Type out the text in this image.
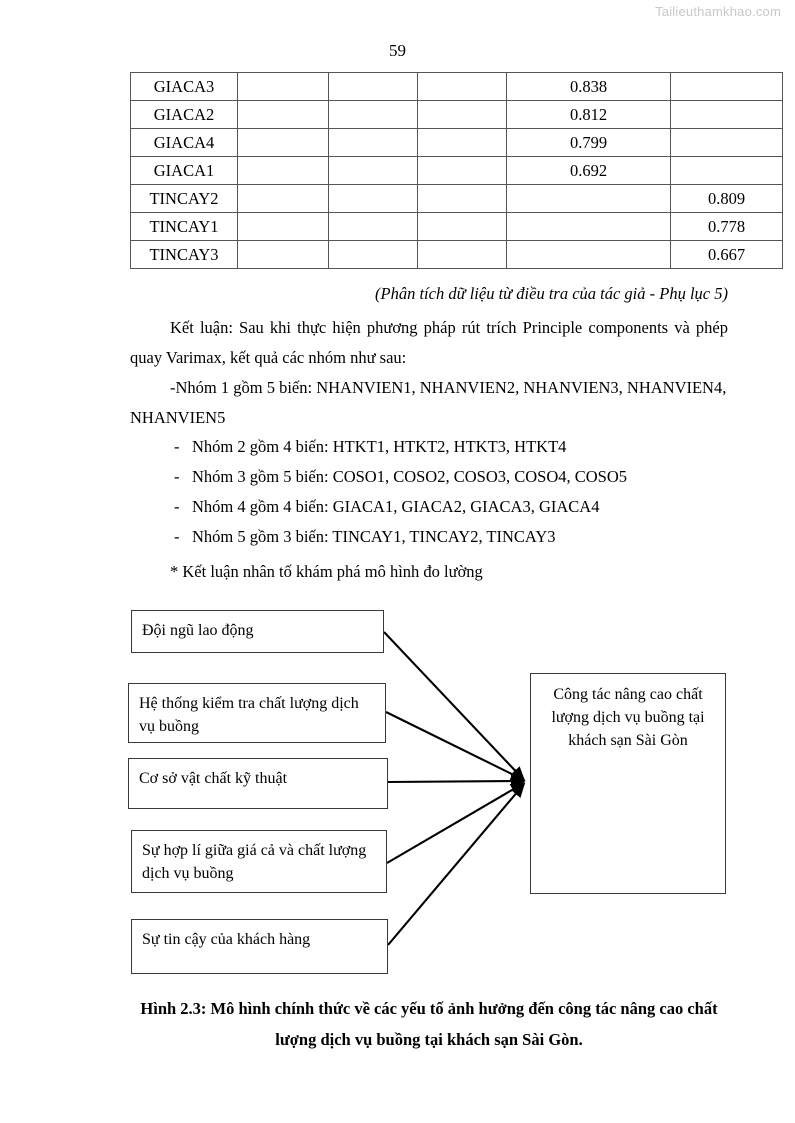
Tailieuthamkhao.com
59
GIACA3				0.838	
GIACA2				0.812	
GIACA4				0.799	
GIACA1				0.692	
TINCAY2					0.809
TINCAY1					0.778
TINCAY3					0.667
(Phân tích dữ liệu từ điều tra của tác giả - Phụ lục 5)
Kết luận: Sau khi thực hiện phương pháp rút trích Principle components và phép quay Varimax, kết quả các nhóm như sau:
-Nhóm 1 gồm 5 biến: NHANVIEN1, NHANVIEN2, NHANVIEN3, NHANVIEN4, NHANVIEN5
- Nhóm 2 gồm 4 biến: HTKT1, HTKT2, HTKT3, HTKT4
- Nhóm 3 gồm 5 biến: COSO1, COSO2, COSO3, COSO4, COSO5
- Nhóm 4 gồm 4 biến: GIACA1, GIACA2, GIACA3, GIACA4
- Nhóm 5 gồm 3 biến: TINCAY1, TINCAY2, TINCAY3
* Kết luận nhân tố khám phá mô hình đo lường
Đội ngũ lao động
Hệ thống kiểm tra chất lượng dịch vụ buồng
Cơ sở vật chất kỹ thuật
Sự hợp lí giữa giá cả và chất lượng dịch vụ buồng
Sự tin cậy của khách hàng
Công tác nâng cao chất lượng dịch vụ buồng tại khách sạn Sài Gòn
Hình 2.3: Mô hình chính thức về các yếu tố ảnh hưởng đến công tác nâng cao chất lượng dịch vụ buồng tại khách sạn Sài Gòn.
